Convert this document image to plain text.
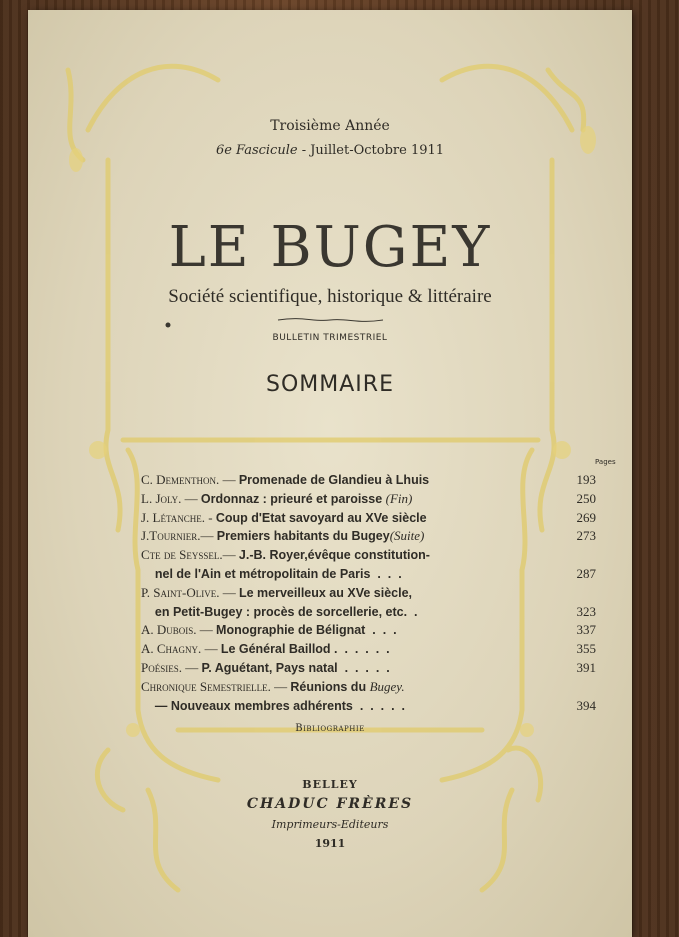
Troisième Année
6e Fascicule - Juillet-Octobre 1911
LE BUGEY
Société scientifique, historique & littéraire
BULLETIN TRIMESTRIEL
SOMMAIRE
Pages
C. Dementhon. — Promenade de Glandieu à Lhuis	193
L. Joly. — Ordonnaz : prieuré et paroisse (Fin)	250
J. Létanche. - Coup d'Etat savoyard au XVe siècle	269
J.Tournier.— Premiers habitants du Bugey(Suite)	273
Cte de Seyssel.— J.-B. Royer,évêque constitution-
nel de l'Ain et métropolitain de Paris  .  .  .	287
P. Saint-Olive. — Le merveilleux au XVe siècle,
en Petit-Bugey : procès de sorcellerie, etc.  .	323
A. Dubois. — Monographie de Bélignat  .  .  .	337
A. Chagny. — Le Général Baillod .  .  .  .  .  .	355
Poésies. — P. Aguétant, Pays natal  .  .  .  .  .	391
Chronique Semestrielle. — Réunions du Bugey.
— Nouveaux membres adhérents  .  .  .  .  .	394
Bibliographie
BELLEY
CHADUC FRÈRES
Imprimeurs-Editeurs
1911
